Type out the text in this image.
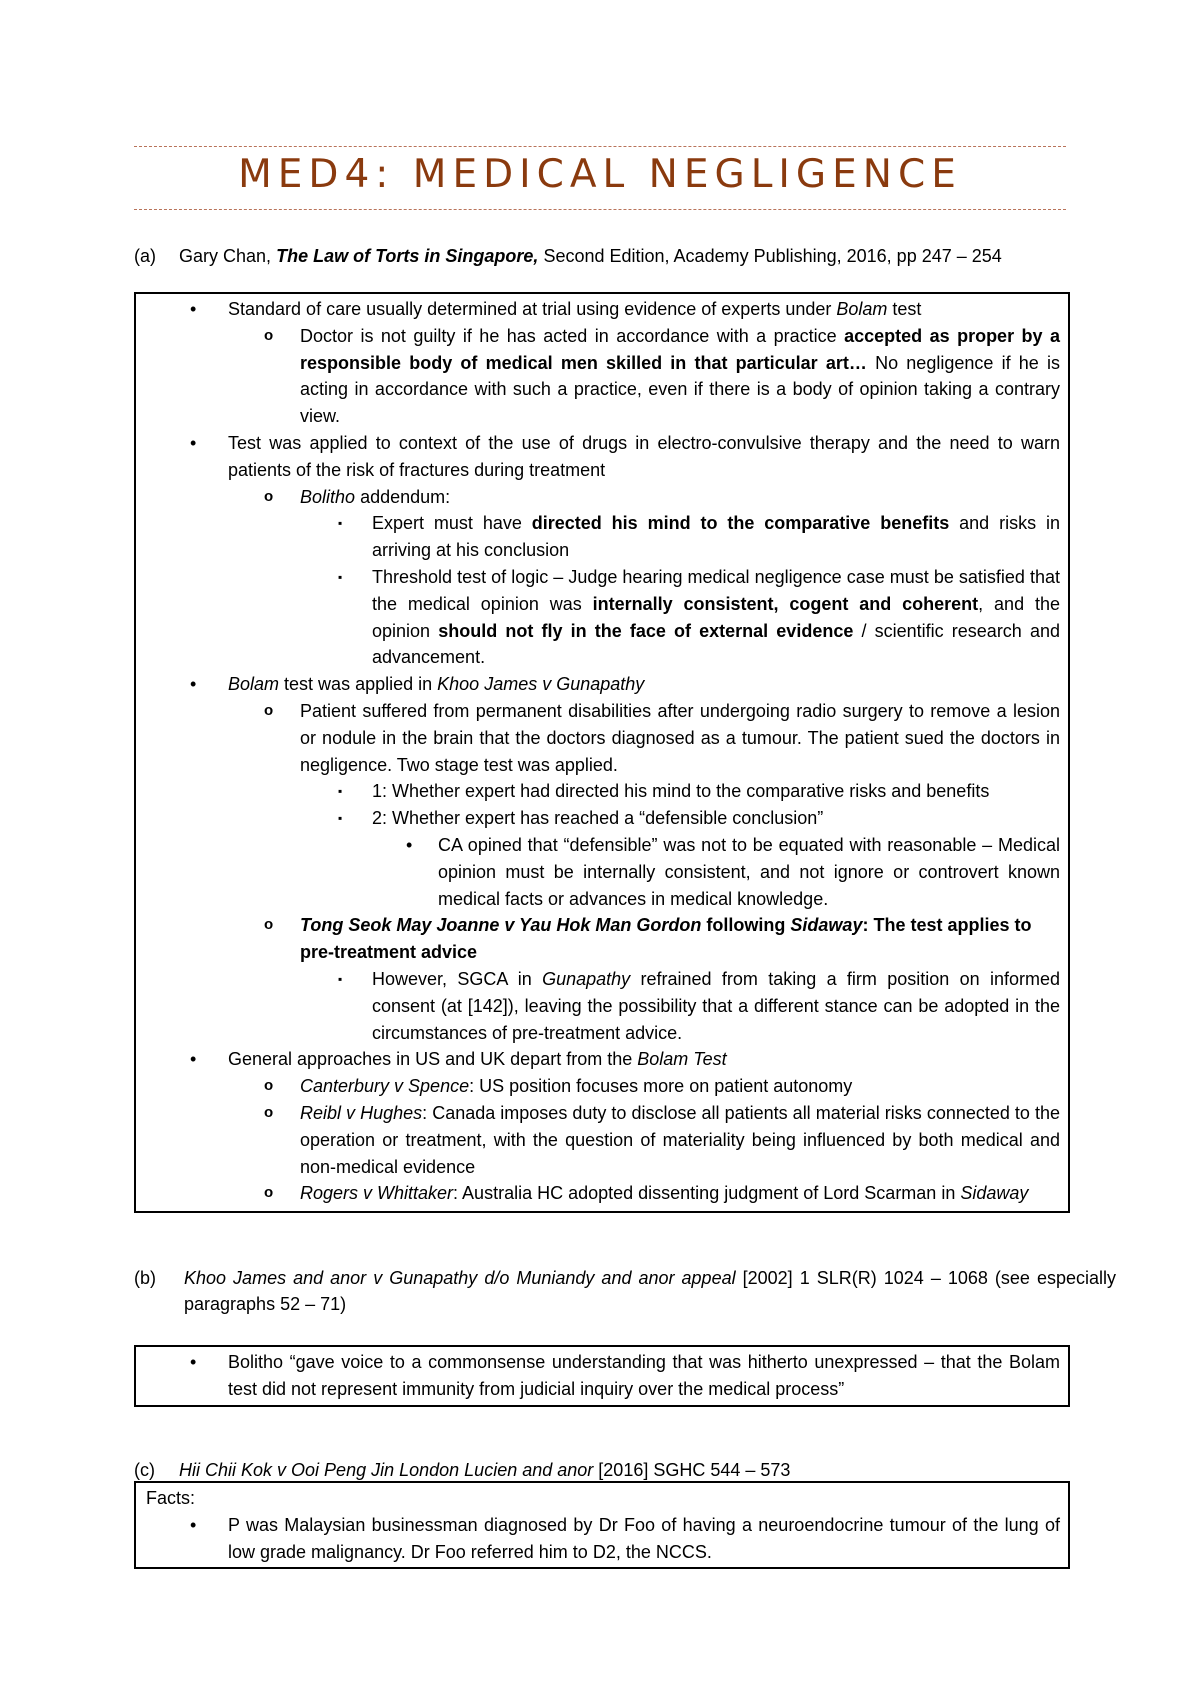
MED4: MEDICAL NEGLIGENCE
(a) Gary Chan, The Law of Torts in Singapore, Second Edition, Academy Publishing, 2016, pp 247 – 254
• Standard of care usually determined at trial using evidence of experts under Bolam test
o Doctor is not guilty if he has acted in accordance with a practice accepted as proper by a responsible body of medical men skilled in that particular art… No negligence if he is acting in accordance with such a practice, even if there is a body of opinion taking a contrary view.
• Test was applied to context of the use of drugs in electro-convulsive therapy and the need to warn patients of the risk of fractures during treatment
o Bolitho addendum:
▪ Expert must have directed his mind to the comparative benefits and risks in arriving at his conclusion
▪ Threshold test of logic – Judge hearing medical negligence case must be satisfied that the medical opinion was internally consistent, cogent and coherent, and the opinion should not fly in the face of external evidence / scientific research and advancement.
• Bolam test was applied in Khoo James v Gunapathy
o Patient suffered from permanent disabilities after undergoing radio surgery to remove a lesion or nodule in the brain that the doctors diagnosed as a tumour. The patient sued the doctors in negligence. Two stage test was applied.
▪ 1: Whether expert had directed his mind to the comparative risks and benefits
▪ 2: Whether expert has reached a “defensible conclusion”
• CA opined that “defensible” was not to be equated with reasonable – Medical opinion must be internally consistent, and not ignore or controvert known medical facts or advances in medical knowledge.
o Tong Seok May Joanne v Yau Hok Man Gordon following Sidaway: The test applies to pre-treatment advice
▪ However, SGCA in Gunapathy refrained from taking a firm position on informed consent (at [142]), leaving the possibility that a different stance can be adopted in the circumstances of pre-treatment advice.
• General approaches in US and UK depart from the Bolam Test
o Canterbury v Spence: US position focuses more on patient autonomy
o Reibl v Hughes: Canada imposes duty to disclose all patients all material risks connected to the operation or treatment, with the question of materiality being influenced by both medical and non-medical evidence
o Rogers v Whittaker: Australia HC adopted dissenting judgment of Lord Scarman in Sidaway
(b) Khoo James and anor v Gunapathy d/o Muniandy and anor appeal [2002] 1 SLR(R) 1024 – 1068 (see especially paragraphs 52 – 71)
• Bolitho “gave voice to a commonsense understanding that was hitherto unexpressed – that the Bolam test did not represent immunity from judicial inquiry over the medical process”
(c) Hii Chii Kok v Ooi Peng Jin London Lucien and anor [2016] SGHC 544 – 573
Facts:
• P was Malaysian businessman diagnosed by Dr Foo of having a neuroendocrine tumour of the lung of low grade malignancy. Dr Foo referred him to D2, the NCCS.
